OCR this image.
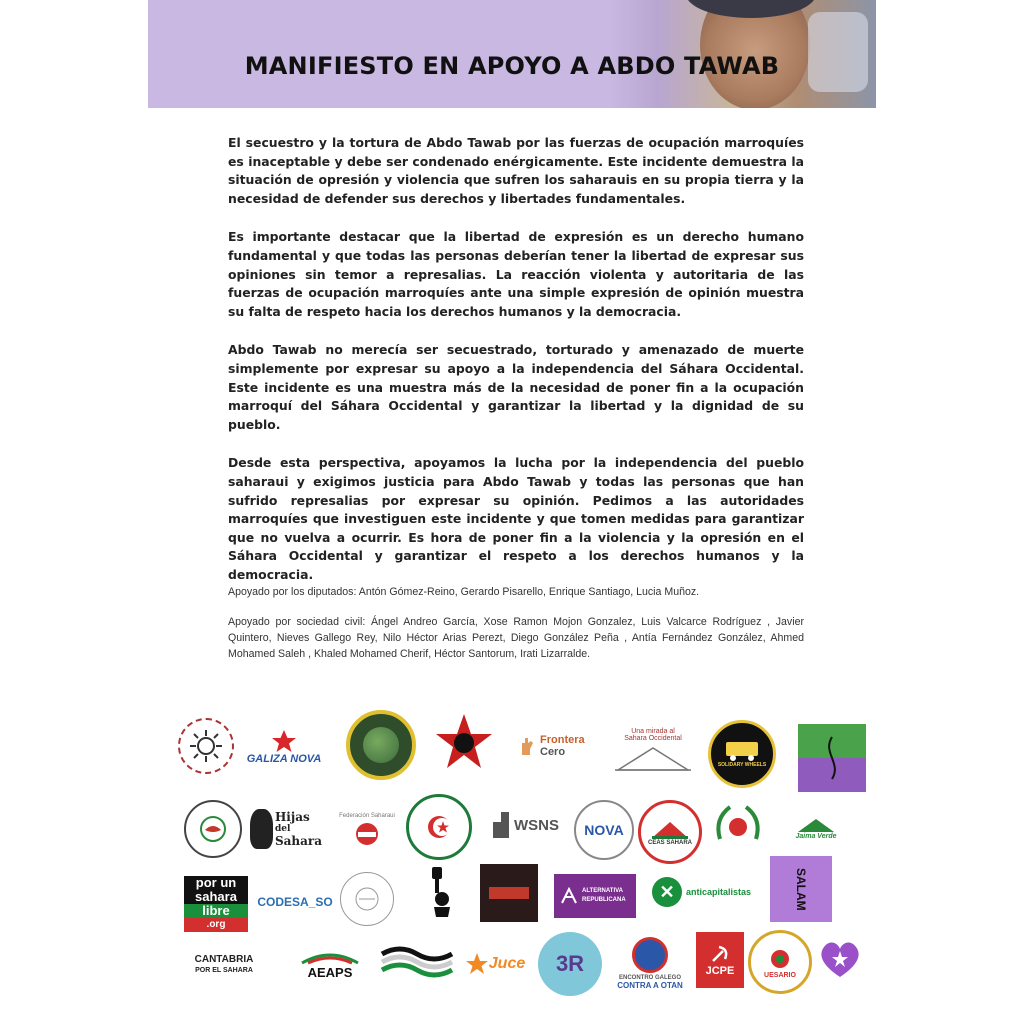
MANIFIESTO EN APOYO A ABDO TAWAB

El secuestro y la tortura de Abdo Tawab por las fuerzas de ocupación marroquíes es inaceptable y debe ser condenado enérgicamente. Este incidente demuestra la situación de opresión y violencia que sufren los saharauis en su propia tierra y la necesidad de defender sus derechos y libertades fundamentales.

Es importante destacar que la libertad de expresión es un derecho humano fundamental y que todas las personas deberían tener la libertad de expresar sus opiniones sin temor a represalias. La reacción violenta y autoritaria de las fuerzas de ocupación marroquíes ante una simple expresión de opinión muestra su falta de respeto hacia los derechos humanos y la democracia.

Abdo Tawab no merecía ser secuestrado, torturado y amenazado de muerte simplemente por expresar su apoyo a la independencia del Sáhara Occidental. Este incidente es una muestra más de la necesidad de poner fin a la ocupación marroquí del Sáhara Occidental y garantizar la libertad y la dignidad de su pueblo.

Desde esta perspectiva, apoyamos la lucha por la independencia del pueblo saharaui y exigimos justicia para Abdo Tawab y todas las personas que han sufrido represalias por expresar su opinión. Pedimos a las autoridades marroquíes que investiguen este incidente y que tomen medidas para garantizar que no vuelva a ocurrir. Es hora de poner fin a la violencia y la opresión en el Sáhara Occidental y garantizar el respeto a los derechos humanos y la democracia.

Apoyado por los diputados: Antón Gómez-Reino, Gerardo Pisarello, Enrique Santiago, Lucia Muñoz.

Apoyado por sociedad civil: Ángel Andreo García, Xose Ramon Mojon Gonzalez, Luis Valcarce Rodríguez , Javier Quintero, Nieves Gallego Rey, Nilo Héctor Arias Perezt, Diego González Peña , Antía Fernández González, Ahmed Mohamed Saleh , Khaled Mohamed Cherif, Héctor Santorum, Irati Lizarralde.

GALIZA NOVA
Frontera
Cero
Una mirada al
Sahara Occidental
SOLIDARY WHEELS
Hijas
del
Sahara
Federación Saharaui
WSNS NOVA
CEAS SAHARA
Jaima Verde
por un
sahara
libre
.org
CODESA_SO
ALTERNATIVA
REPUBLICANA	✕	anticapitalistas	SALAM
CANTABRIA
POR EL SAHARA	AEAPS	Juce 3R
ENCONTRO GALEGO
CONTRA A OTAN
JCPE	UESARIO
